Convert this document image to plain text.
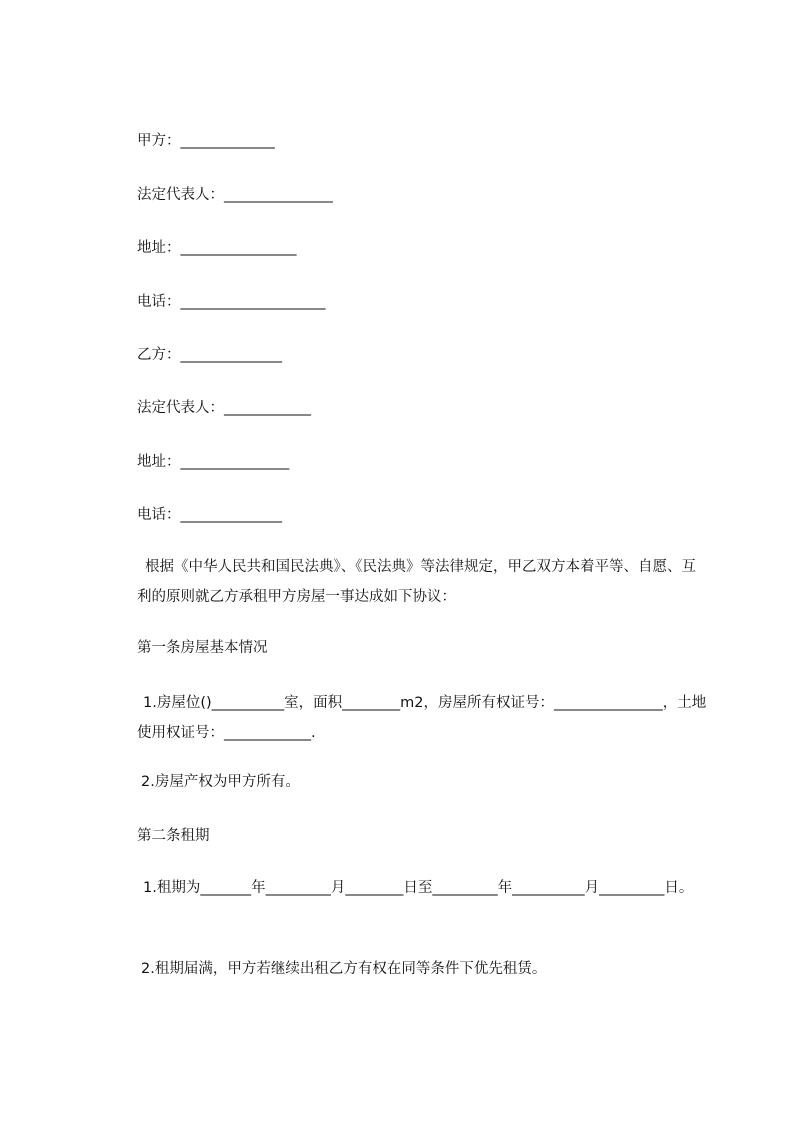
甲方：_____________
法定代表人：_______________
地址：________________
电话：____________________
乙方：______________
法定代表人：____________
地址：_______________
电话：______________
根据《中华人民共和国民法典》、《民法典》等法律规定，甲乙双方本着平等、自愿、互利的原则就乙方承租甲方房屋一事达成如下协议：
第一条房屋基本情况
1.房屋位()__________室，面积________m2，房屋所有权证号：_______________，土地使用权证号：____________.
2.房屋产权为甲方所有。
第二条租期
1.租期为_______年_________月________日至_________年__________月_________日。
2.租期届满，甲方若继续出租乙方有权在同等条件下优先租赁。
